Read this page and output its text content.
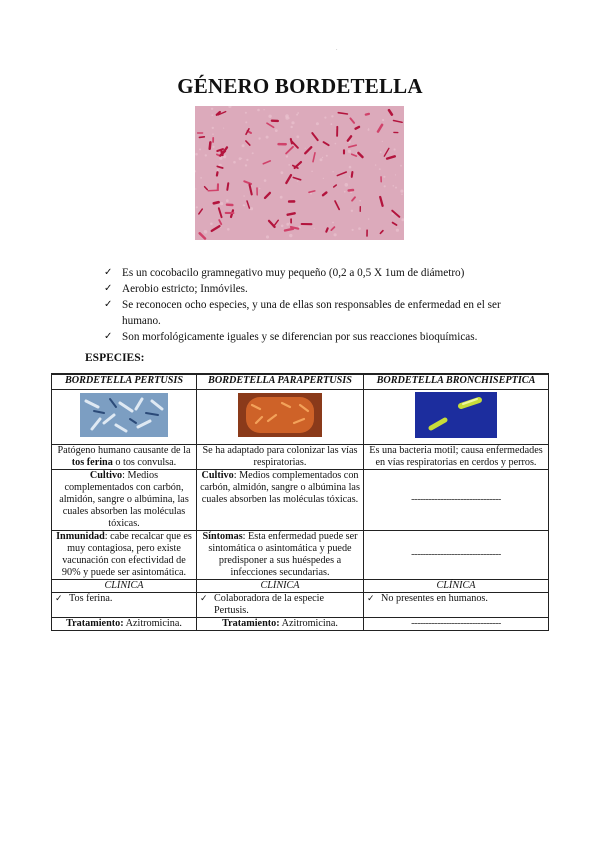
.
GÉNERO BORDETELLA
✓ Es un cocobacilo gramnegativo muy pequeño (0,2 a 0,5 X 1um de diámetro)
✓ Aerobio estricto; Inmóviles.
✓ Se reconocen ocho especies, y una de ellas son responsables de enfermedad en el ser humano.
✓ Son morfológicamente iguales y se diferencian por sus reacciones bioquímicas.
ESPECIES:
BORDETELLA PERTUSIS	BORDETELLA PARAPERTUSIS	BORDETELLA BRONCHISEPTICA

Patógeno humano causante de la tos ferina o tos convulsa.	Se ha adaptado para colonizar las vías respiratorias.	Es una bacteria motil; causa enfermedades en vías respiratorias en cerdos y perros.
Cultivo: Medios complementados con carbón, almidón, sangre o albúmina, las cuales absorben las moléculas tóxicas.	Cultivo: Medios complementados con carbón, almidón, sangre o albúmina las cuales absorben las moléculas tóxicas.	-------------------------------
Inmunidad: cabe recalcar que es muy contagiosa, pero existe vacunación con efectividad de 90% y puede ser asintomática.	Síntomas: Esta enfermedad puede ser sintomática o asintomática y puede predisponer a sus huéspedes a infecciones secundarias.	-------------------------------
CLÍNICA	CLÍNICA	CLÍNICA

✓ Tos ferina.	✓ Colaboradora de la especie Pertusis.	✓ No presentes en humanos.

Tratamiento: Azitromicina.	Tratamiento: Azitromicina.	-------------------------------
